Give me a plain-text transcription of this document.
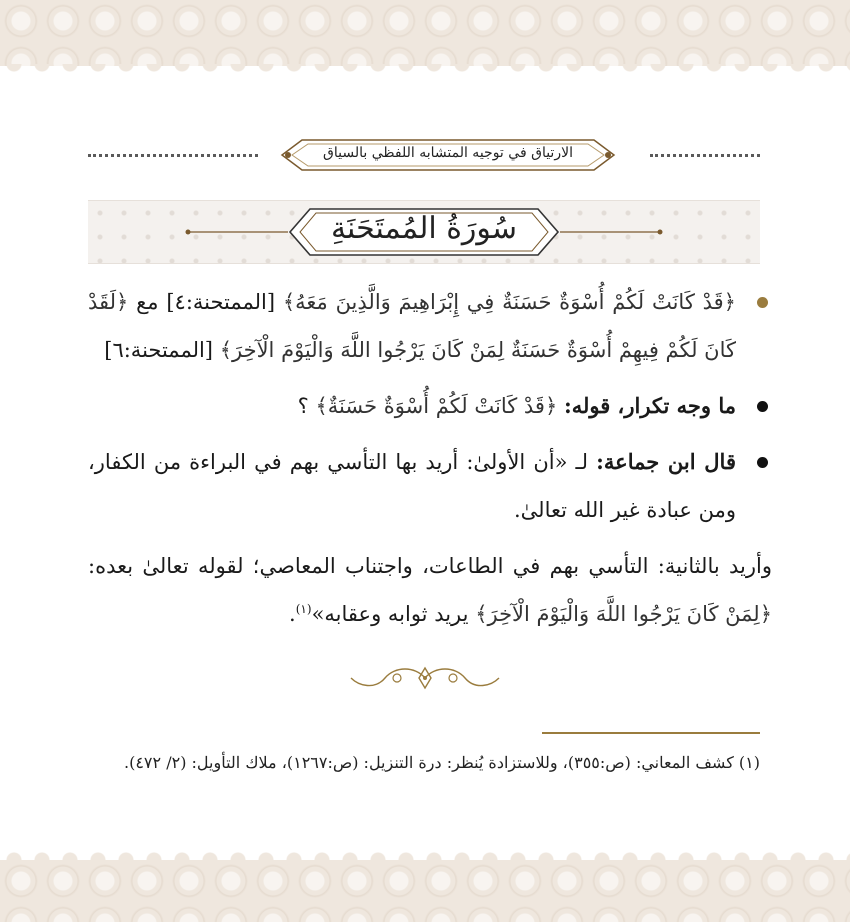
الارتياق في توجيه المتشابه اللفظي بالسياق
سُورَةُ المُمتَحَنَةِ
﴿قَدْ كَانَتْ لَكُمْ أُسْوَةٌ حَسَنَةٌ فِي إِبْرَاهِيمَ وَالَّذِينَ مَعَهُ﴾ [الممتحنة:٤] مع ﴿لَقَدْ كَانَ لَكُمْ فِيهِمْ أُسْوَةٌ حَسَنَةٌ لِمَنْ كَانَ يَرْجُوا اللَّهَ وَالْيَوْمَ الْآخِرَ﴾ [الممتحنة:٦]
ما وجه تكرار، قوله: ﴿قَدْ كَانَتْ لَكُمْ أُسْوَةٌ حَسَنَةٌ﴾ ؟
قال ابن جماعة: لـ «أن الأولىٰ: أريد بها التأسي بهم في البراءة من الكفار، ومن عبادة غير الله تعالىٰ.
وأريد بالثانية: التأسي بهم في الطاعات، واجتناب المعاصي؛ لقوله تعالىٰ بعده: ﴿لِمَنْ كَانَ يَرْجُوا اللَّهَ وَالْيَوْمَ الْآخِرَ﴾ يريد ثوابه وعقابه»$^{(١)}$.
(١) كشف المعاني: (ص:٣٥٥)، وللاستزادة يُنظر: درة التنزيل: (ص:١٢٦٧)، ملاك التأويل: (٢/ ٤٧٢).
